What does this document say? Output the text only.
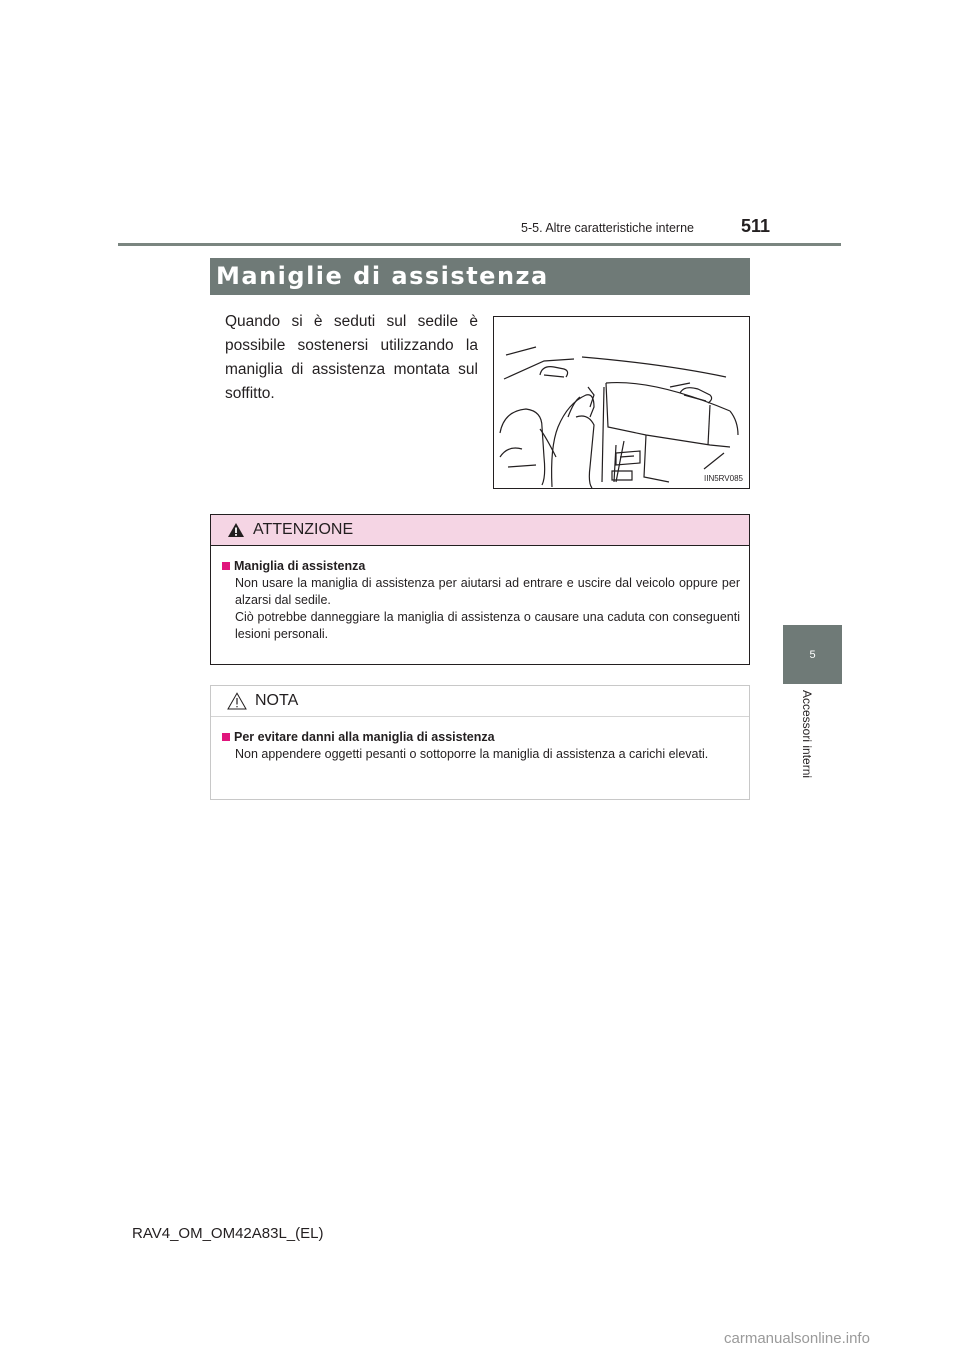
5-5. Altre caratteristiche interne	511
5
Accessori interni
Maniglie di assistenza
Quando si è seduti sul sedile è possibile sostenersi utilizzando la maniglia di assistenza montata sul soffitto.
IIN5RV085
ATTENZIONE
Maniglia di assistenza
Non usare la maniglia di assistenza per aiutarsi ad entrare e uscire dal veicolo oppure per alzarsi dal sedile.
Ciò potrebbe danneggiare la maniglia di assistenza o causare una caduta con conseguenti lesioni personali.
NOTA
Per evitare danni alla maniglia di assistenza
Non appendere oggetti pesanti o sottoporre la maniglia di assistenza a carichi elevati.
RAV4_OM_OM42A83L_(EL)
carmanualsonline.info
